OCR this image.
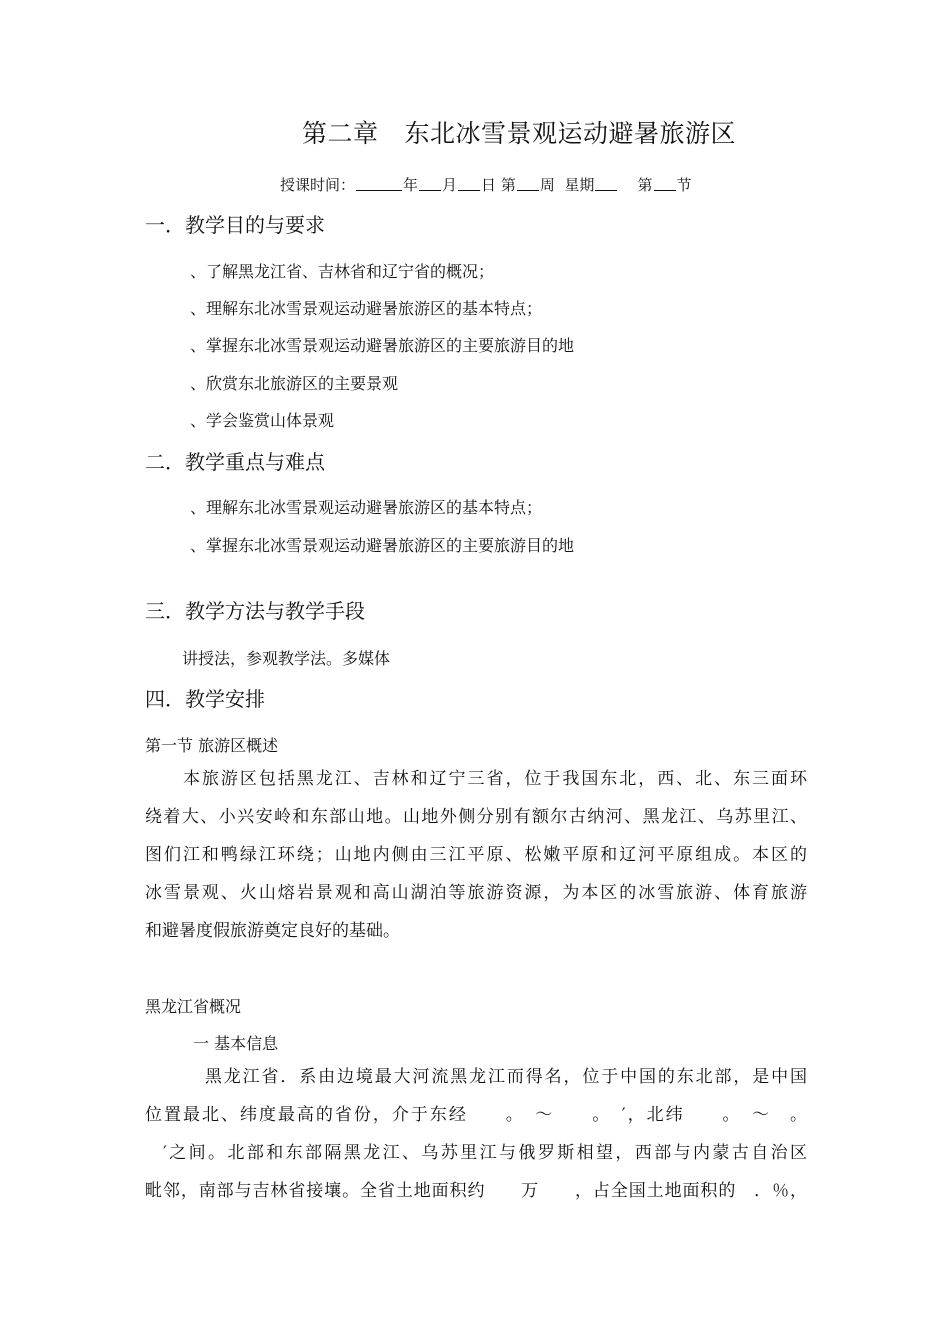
第二章 东北冰雪景观运动避暑旅游区
授课时间：	年 月 日 第 周 星期	第 节
一．教学目的与要求
、了解黑龙江省、吉林省和辽宁省的概况；
、理解东北冰雪景观运动避暑旅游区的基本特点；
、掌握东北冰雪景观运动避暑旅游区的主要旅游目的地
、欣赏东北旅游区的主要景观
、学会鉴赏山体景观
二．教学重点与难点
、理解东北冰雪景观运动避暑旅游区的基本特点；
、掌握东北冰雪景观运动避暑旅游区的主要旅游目的地
三．教学方法与教学手段
讲授法，参观教学法。多媒体
四．教学安排
第一节 旅游区概述
本旅游区包括黑龙江、吉林和辽宁三省，位于我国东北，西、北、东三面环
绕着大、小兴安岭和东部山地。山地外侧分别有额尔古纳河、黑龙江、乌苏里江、
图们江和鸭绿江环绕；山地内侧由三江平原、松嫩平原和辽河平原组成。本区的
冰雪景观、火山熔岩景观和高山湖泊等旅游资源，为本区的冰雪旅游、体育旅游
和避暑度假旅游奠定良好的基础。
黑龙江省概况
一 基本信息
黑龙江省．系由边境最大河流黑龙江而得名，位于中国的东北部，是中国
位置最北、纬度最高的省份，介于东经　　。　～　　。　′，北纬　　。　～　。
′之间。北部和东部隔黑龙江、乌苏里江与俄罗斯相望，西部与内蒙古自治区
毗邻，南部与吉林省接壤。全省土地面积约　　万　　，占全国土地面积的　．％，
